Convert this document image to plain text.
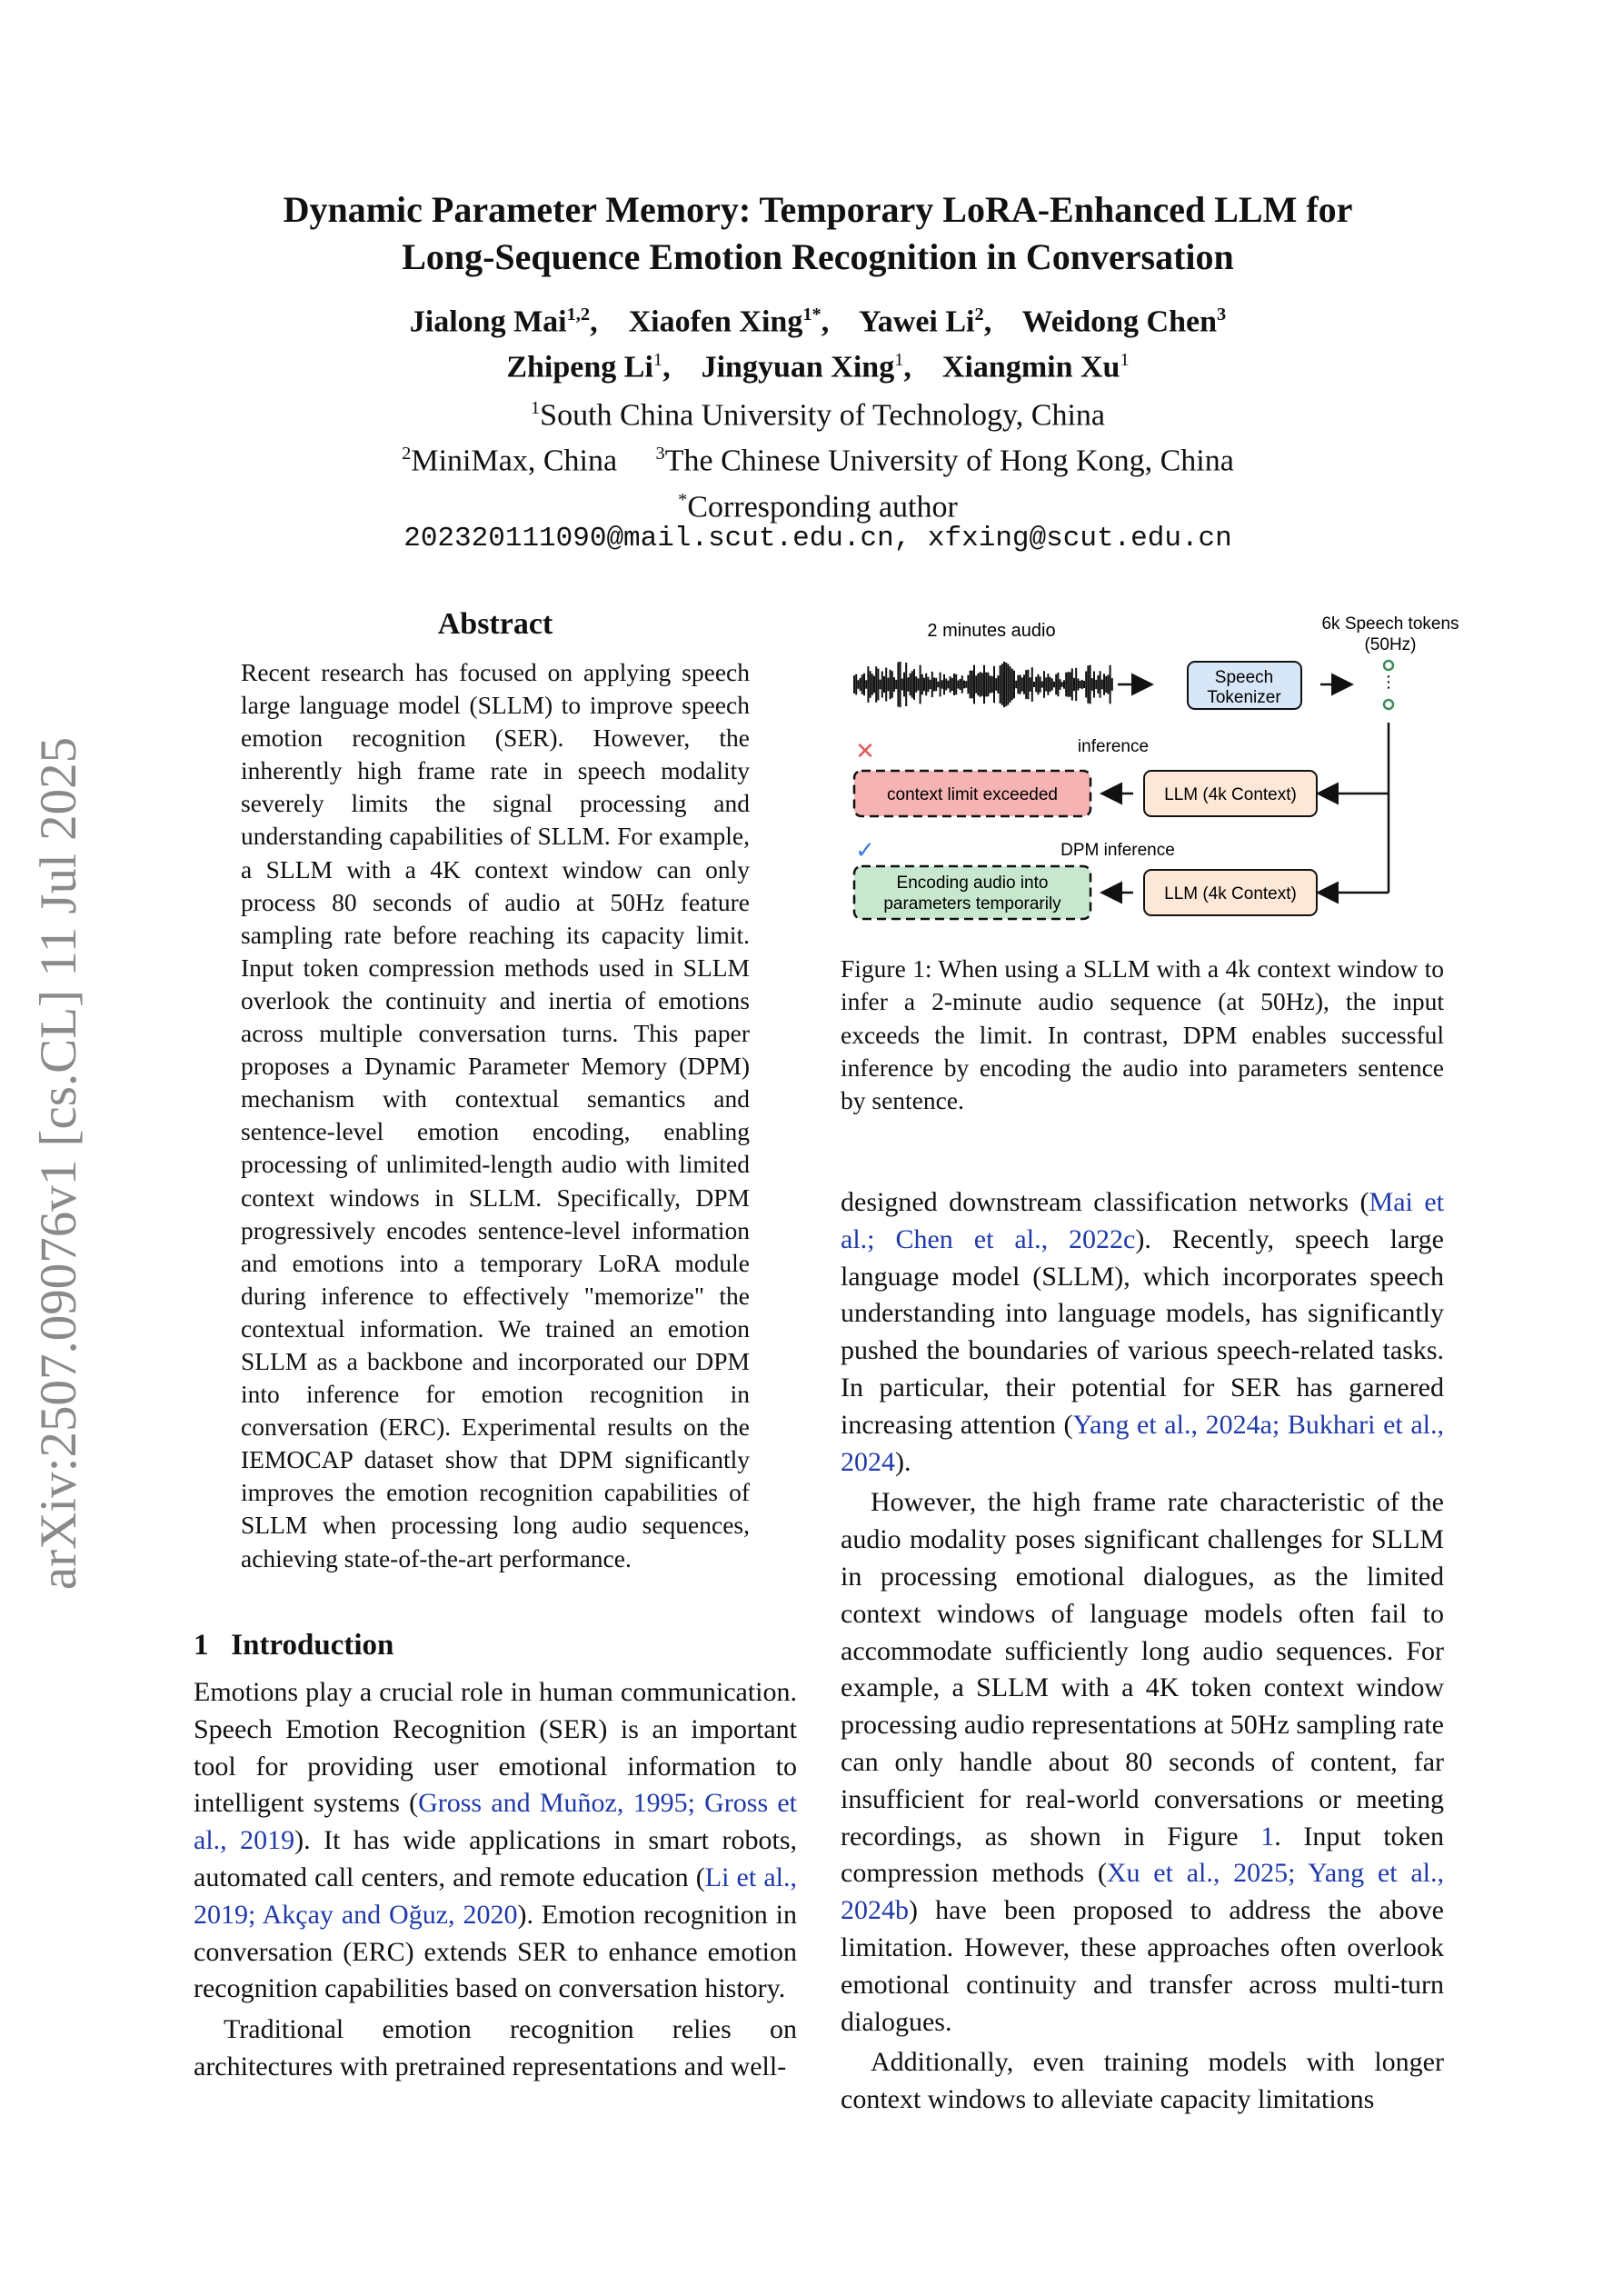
arXiv:2507.09076v1 [cs.CL] 11 Jul 2025
Dynamic Parameter Memory: Temporary LoRA-Enhanced LLM for
Long-Sequence Emotion Recognition in Conversation
Jialong Mai$^{1,2}$,    Xiaofen Xing$^{1*}$,    Yawei Li$^2$,    Weidong Chen$^3$
Zhipeng Li$^1$,    Jingyuan Xing$^1$,    Xiangmin Xu$^1$
$^1$South China University of Technology, China
$^2$MiniMax, China $^3$The Chinese University of Hong Kong, China
*Corresponding author
202320111090@mail.scut.edu.cn, xfxing@scut.edu.cn
Abstract
Recent research has focused on applying speech large language model (SLLM) to improve speech emotion recognition (SER). However, the inherently high frame rate in speech modality severely limits the signal processing and understanding capabilities of SLLM. For example, a SLLM with a 4K context window can only process 80 seconds of audio at 50Hz feature sampling rate before reaching its capacity limit. Input token compression methods used in SLLM overlook the continuity and inertia of emotions across multiple conversation turns. This paper proposes a Dynamic Parameter Memory (DPM) mechanism with contextual semantics and sentence-level emotion encoding, enabling processing of unlimited-length audio with limited context windows in SLLM. Specifically, DPM progressively encodes sentence-level information and emotions into a temporary LoRA module during inference to effectively "memorize" the contextual information. We trained an emotion SLLM as a backbone and incorporated our DPM into inference for emotion recognition in conversation (ERC). Experimental results on the IEMOCAP dataset show that DPM significantly improves the emotion recognition capabilities of SLLM when processing long audio sequences, achieving state-of-the-art performance.
1 Introduction

Emotions play a crucial role in human communication. Speech Emotion Recognition (SER) is an important tool for providing user emotional information to intelligent systems (Gross and Muñoz, 1995; Gross et al., 2019). It has wide applications in smart robots, automated call centers, and remote education (Li et al., 2019; Akçay and Oğuz, 2020). Emotion recognition in conversation (ERC) extends SER to enhance emotion recognition capabilities based on conversation history.

Traditional emotion recognition relies on architectures with pretrained representations and well-

2 minutes audio
Speech
Tokenizer
6k Speech tokens
(50Hz)
⋮
LLM (4k Context)
LLM (4k Context)
inference
DPM inference
✕
✓
context limit exceeded
Encoding audio into
parameters temporarily
Figure 1: When using a SLLM with a 4k context window to infer a 2-minute audio sequence (at 50Hz), the input exceeds the limit. In contrast, DPM enables successful inference by encoding the audio into parameters sentence by sentence.

designed downstream classification networks (Mai et al.; Chen et al., 2022c). Recently, speech large language model (SLLM), which incorporates speech understanding into language models, has significantly pushed the boundaries of various speech-related tasks. In particular, their potential for SER has garnered increasing attention (Yang et al., 2024a; Bukhari et al., 2024).

However, the high frame rate characteristic of the audio modality poses significant challenges for SLLM in processing emotional dialogues, as the limited context windows of language models often fail to accommodate sufficiently long audio sequences. For example, a SLLM with a 4K token context window processing audio representations at 50Hz sampling rate can only handle about 80 seconds of content, far insufficient for real-world conversations or meeting recordings, as shown in Figure 1. Input token compression methods (Xu et al., 2025; Yang et al., 2024b) have been proposed to address the above limitation. However, these approaches often overlook emotional continuity and transfer across multi-turn dialogues.

Additionally, even training models with longer context windows to alleviate capacity limitations
